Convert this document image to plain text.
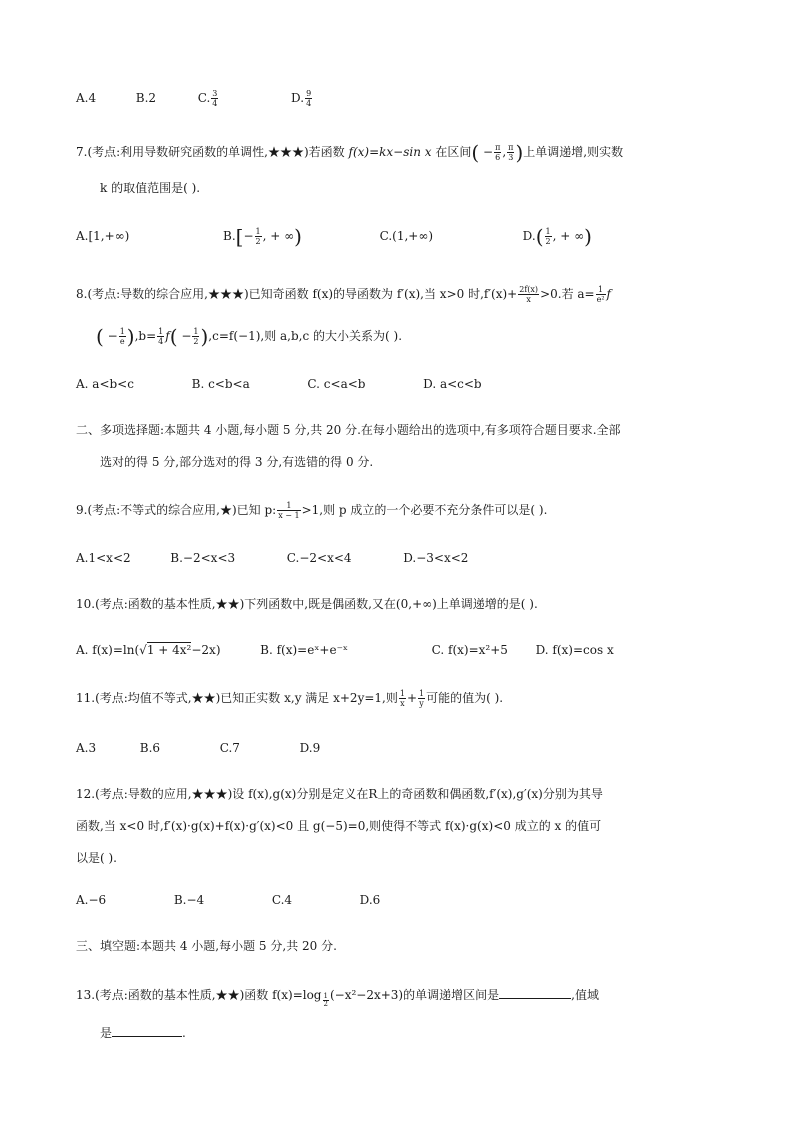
A.4	B.2	C. $\frac{3}{4}$	D. $\frac{9}{4}$
7.(考点:利用导数研究函数的单调性,★★★)若函数 f(x)=kx−sin x 在区间( − $\frac{\pi}{6}$ , $\frac{\pi}{3}$ )上单调递增,则实数
k 的取值范围是( ).
A.[1,+∞)	$B.[- \frac{1}{2}$ , + ∞)	C.(1,+∞)	$D.( \frac{1}{2}$ , + ∞)
8.(考点:导数的综合应用,★★★)已知奇函数 f(x)的导函数为 f′(x),当 x>0 时$,f'(x)+ \frac{2f(x)}{x} >0$.若 $a= \frac{1}{\text{e²}}$ f
( − $\frac{1}{e} ),b= \frac{1}{4} f( - \frac{1}{2} ),c=f(-1)$,则 a,b,c 的大小关系为( ).
A. a<b<c	B. c<b<a	C. c<a<b	D. a<c<b
二、多项选择题:本题共 4 小题,每小题 5 分,共 20 分.在每小题给出的选项中,有多项符合题目要求.全部
选对的得 5 分,部分选对的得 3 分,有选错的得 0 分.
9.(考点:不等式的综合应用,★)已知 p: $\frac{1}{x - 1} >1$,则 p 成立的一个必要不充分条件可以是( ).
A.1<x<2	B.−2<x<3	C.−2<x<4	D.−3<x<2
10.(考点:函数的基本性质,★★)下列函数中,既是偶函数,又在(0,+∞)上单调递增的是( ).
A. f(x)=ln(√1 + 4x²−2x)	B. f(x)=eˣ+e⁻ˣ	C. f(x)=x²+5 D. f(x)=cos x
11.(考点:均值不等式,★★)已知正实数 x,y 满足 x+2y=1,则 $\frac{1}{x} + \frac{1}{y}$ 可能的值为( ).
A.3	B.6	C.7	D.9
12.(考点:导数的应用,★★★)设 f(x),g(x)分别是定义在R上的奇函数和偶函数,f′(x),g′(x)分别为其导
函数,当 x<0 时,f′(x)·g(x)+f(x)·g′(x)<0 且 g(−5)=0,则使得不等式 f(x)·g(x)<0 成立的 x 的值可
以是( ).
A.−6	B.−4	C.4	D.6
三、填空题:本题共 4 小题,每小题 5 分,共 20 分.
13.(考点:函数的基本性质,★★)函数 f(x)=log $_{\frac{1}{2}}$ (−x²−2x+3)的单调递增区间是	,值域
是	.
